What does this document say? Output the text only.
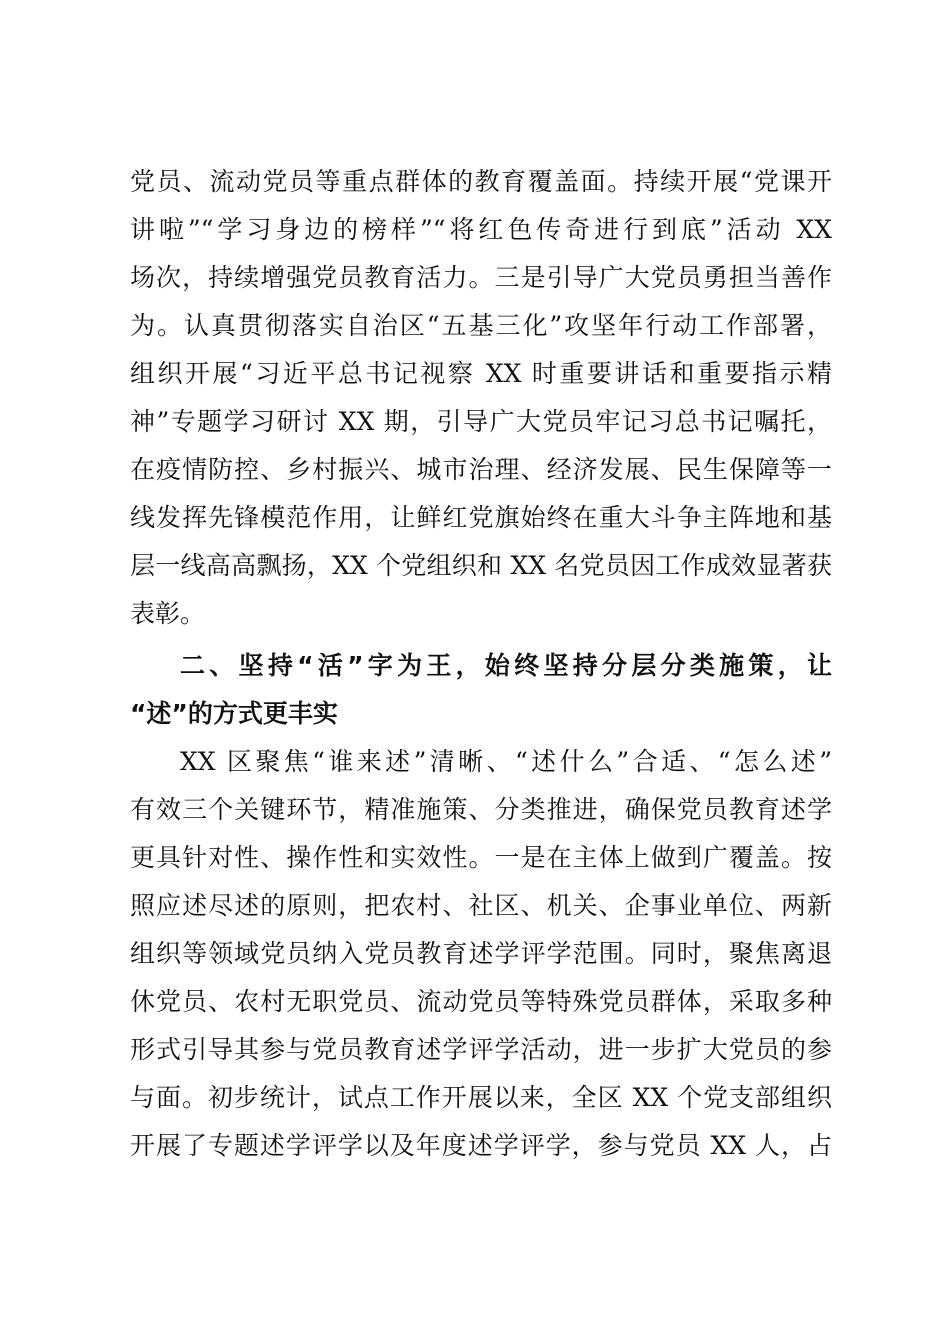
党员、流动党员等重点群体的教育覆盖面。持续开展“党课开
讲啦”“学习身边的榜样”“将红色传奇进行到底”活动 XX
场次，持续增强党员教育活力。三是引导广大党员勇担当善作
为。认真贯彻落实自治区“五基三化”攻坚年行动工作部署，
组织开展“习近平总书记视察 XX 时重要讲话和重要指示精
神”专题学习研讨 XX 期，引导广大党员牢记习总书记嘱托，
在疫情防控、乡村振兴、城市治理、经济发展、民生保障等一
线发挥先锋模范作用，让鲜红党旗始终在重大斗争主阵地和基
层一线高高飘扬，XX 个党组织和 XX 名党员因工作成效显著获
表彰。
二、坚持“活”字为王，始终坚持分层分类施策，让
“述”的方式更丰实
XX 区聚焦“谁来述”清晰、“述什么”合适、“怎么述”
有效三个关键环节，精准施策、分类推进，确保党员教育述学
更具针对性、操作性和实效性。一是在主体上做到广覆盖。按
照应述尽述的原则，把农村、社区、机关、企事业单位、两新
组织等领域党员纳入党员教育述学评学范围。同时，聚焦离退
休党员、农村无职党员、流动党员等特殊党员群体，采取多种
形式引导其参与党员教育述学评学活动，进一步扩大党员的参
与面。初步统计，试点工作开展以来，全区 XX 个党支部组织
开展了专题述学评学以及年度述学评学，参与党员 XX 人，占
